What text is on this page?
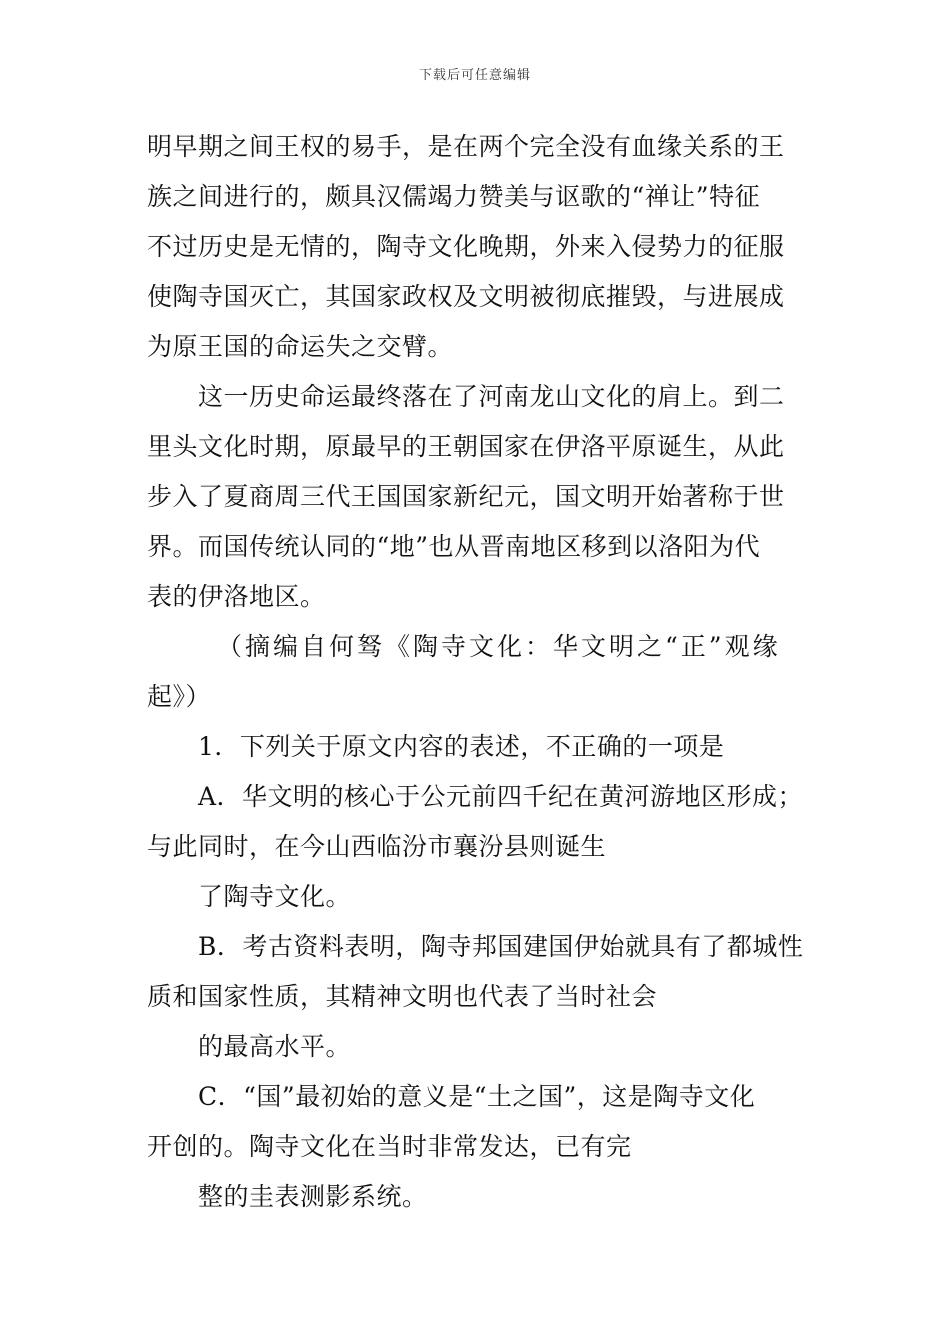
下载后可任意编辑
明早期之间王权的易手，是在两个完全没有血缘关系的王
族之间进行的，颇具汉儒竭力赞美与讴歌的“禅让”特征
不过历史是无情的，陶寺文化晚期，外来入侵势力的征服
使陶寺国灭亡，其国家政权及文明被彻底摧毁，与进展成
为原王国的命运失之交臂。
这一历史命运最终落在了河南龙山文化的肩上。到二
里头文化时期，原最早的王朝国家在伊洛平原诞生，从此
步入了夏商周三代王国国家新纪元，国文明开始著称于世
界。而国传统认同的“地”也从晋南地区移到以洛阳为代
表的伊洛地区。
（摘编自何驽《陶寺文化：华文明之“正”观缘
起》）
1．下列关于原文内容的表述，不正确的一项是
A．华文明的核心于公元前四千纪在黄河游地区形成；
与此同时，在今山西临汾市襄汾县则诞生
了陶寺文化。
B．考古资料表明，陶寺邦国建国伊始就具有了都城性
质和国家性质，其精神文明也代表了当时社会
的最高水平。
C．“国”最初始的意义是“土之国”，这是陶寺文化
开创的。陶寺文化在当时非常发达，已有完
整的圭表测影系统。
